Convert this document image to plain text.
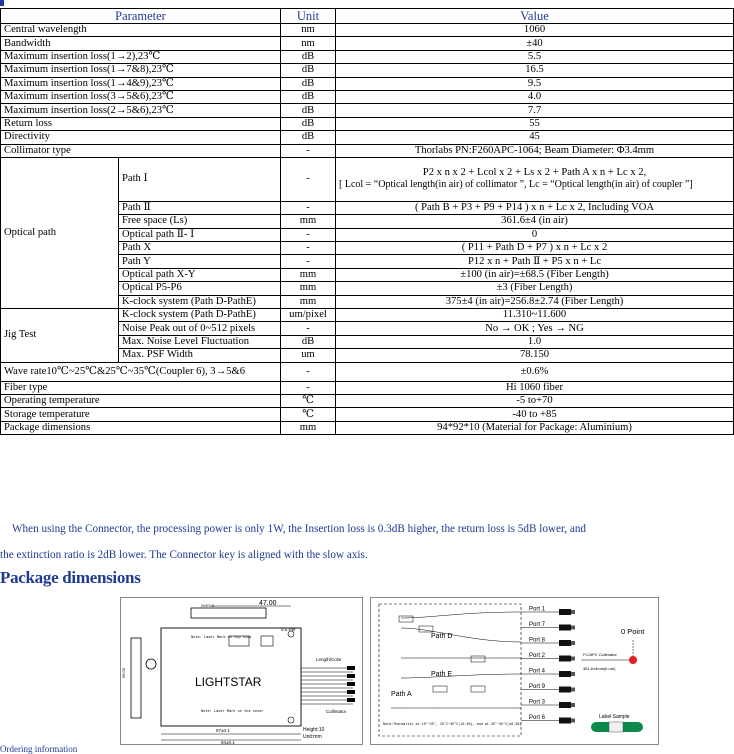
Parameter		Unit	Value
Central wavelength		nm	1060
Bandwidth		nm	±40
Maximum insertion loss(1→2),23℃		dB	5.5
Maximum insertion loss(1→7&8),23℃		dB	16.5
Maximum insertion loss(1→4&9),23℃		dB	9.5
Maximum insertion loss(3→5&6),23℃		dB	4.0
Maximum insertion loss(2→5&6),23℃		dB	7.7
Return loss		dB	55
Directivity		dB	45
Collimator type		-	Thorlabs PN:F260APC-1064; Beam Diameter: Φ3.4mm
Optical path	Path Ⅰ	-	P2 x n x 2 + Lcol x 2 + Ls x 2 + Path A x n + Lc x 2,
[ Lcol = “Optical length(in air) of collimator ”, Lc = “Optical length(in air) of coupler ”]

	Path Ⅱ	-	( Path B + P3 + P9 + P14 ) x n + Lc x 2, Including VOA
	Free space (Ls)	mm	361.6±4 (in air)
	Optical path Ⅱ- Ⅰ	-	0
	Path X	-	( P11 + Path D + P7 ) x n + Lc x 2
	Path Y	-	P12 x n + Path Ⅱ + P5 x n + Lc
	Optical path X-Y	mm	±100 (in air)=±68.5 (Fiber Length)
	Optical P5-P6	mm	±3 (Fiber Length)
	K-clock system (Path D-PathE)	mm	375±4 (in air)=256.8±2.74 (Fiber Length)
Jig Test	K-clock system (Path D-PathE)	um/pixel	11.310~11.600
	Noise Peak out of 0~512 pixels	-	No → OK ; Yes → NG
	Max. Noise Level Fluctuation	dB	1.0
	Max. PSF Width	um	78.150
Wave rate10℃~25℃&25℃~35℃(Coupler 6), 3→5&6		-	±0.6%
Fiber type		-	Hi 1060 fiber
Operating temperature		℃	-5 to+70
Storage temperature		℃	-40 to +85
Package dimensions		mm	94*92*10 (Material for Package: Aluminium)
When using the Connector, the processing power is only 1W, the Insertion loss is 0.3dB higher, the return loss is 5dB lower, and
the extinction ratio is 2dB lower. The Connector key is aligned with the slow axis.
Package dimensions
47.00
2xΦ3.3
LIGHTSTAR
Note: Laser Mark on top side
Note: Laser Mark on the cover
0.5 Ref
Length/Color
Collimator
96.00
87±0.1
94±0.1
Height:10
Unit:mm
Port 1
Port 7
Port 8
Port 2
Port 4
Port 9
Port 3
Port 6
Path D
Path E
Path A
0 Point
FC/APC Collimator
361.6±4mm(in air)
Label Sample
Note:Thermaltic at 10°~25°, 25°C~35°C(≤0.3%), and at 25°~35°C(≤0.3%)
Ordering information
